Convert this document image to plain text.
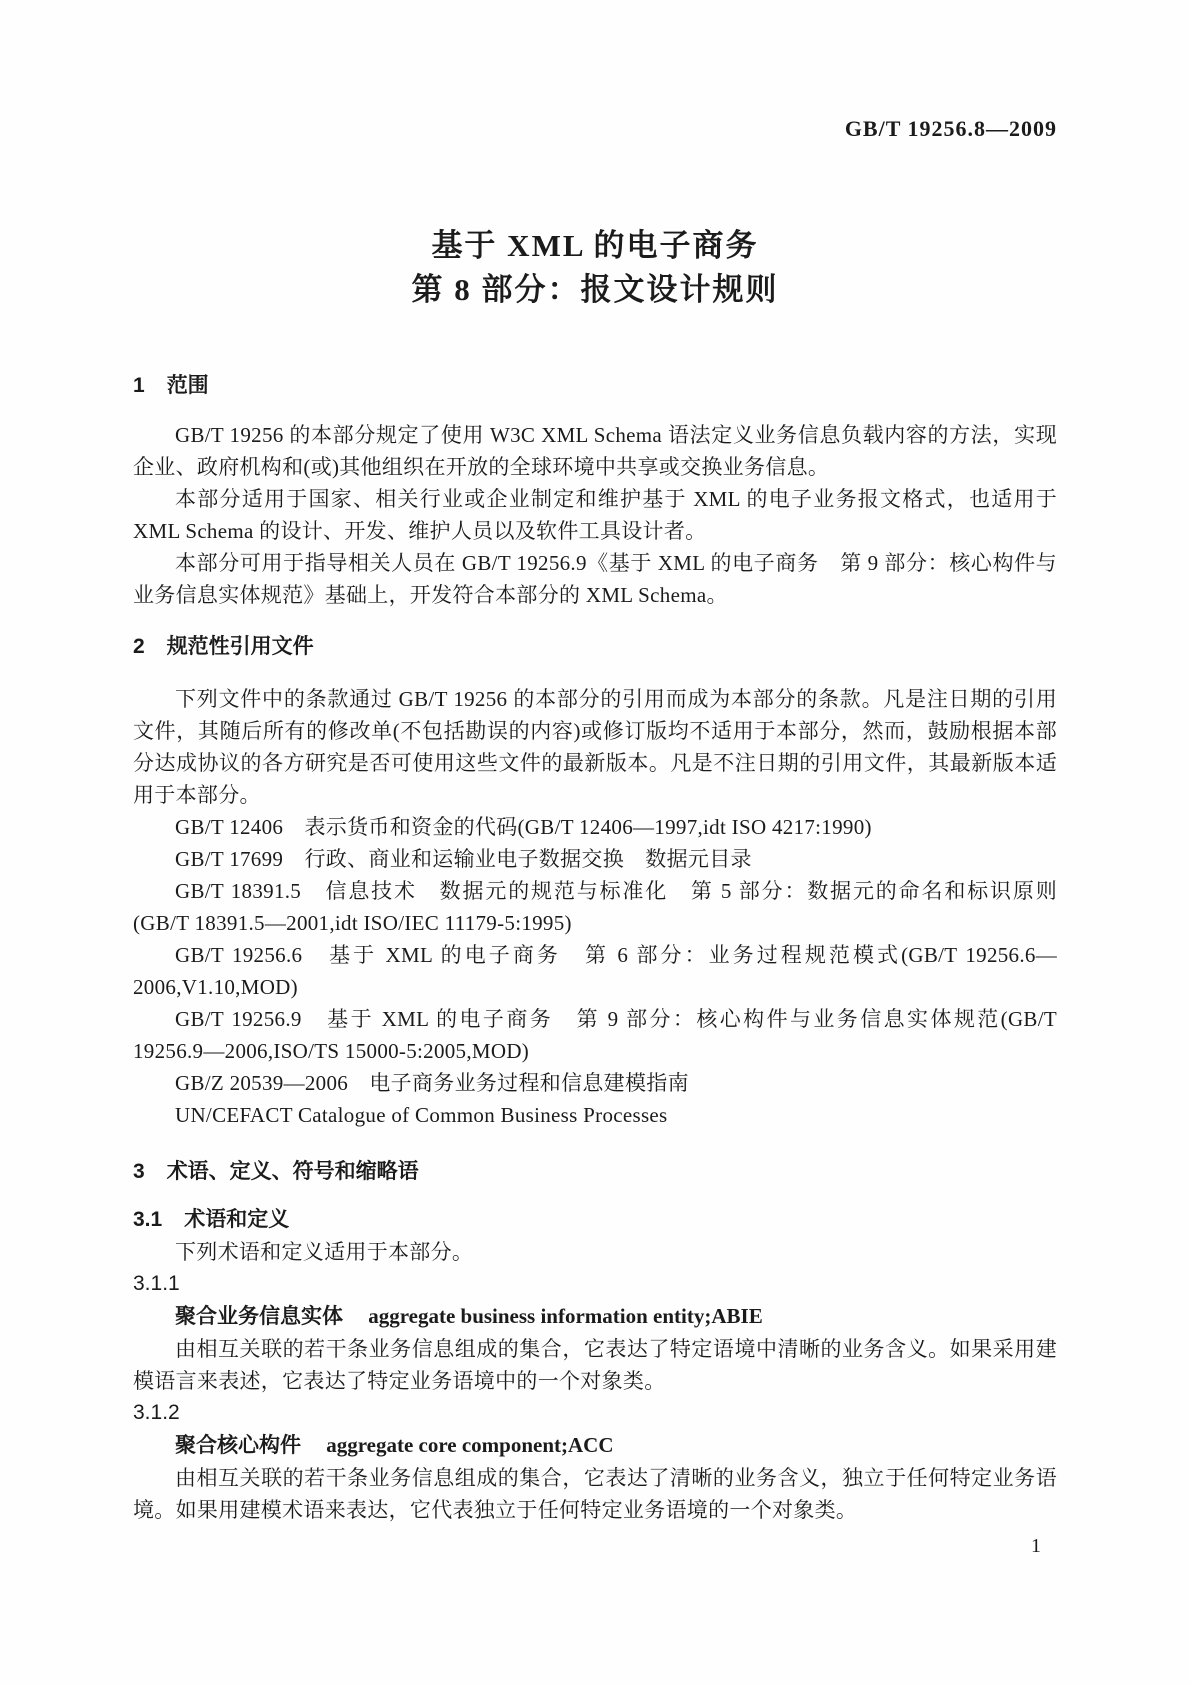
GB/T 19256.8—2009
基于 XML 的电子商务
第 8 部分：报文设计规则
1 范围

GB/T 19256 的本部分规定了使用 W3C XML Schema 语法定义业务信息负载内容的方法，实现企业、政府机构和(或)其他组织在开放的全球环境中共享或交换业务信息。

本部分适用于国家、相关行业或企业制定和维护基于 XML 的电子业务报文格式，也适用于 XML Schema 的设计、开发、维护人员以及软件工具设计者。

本部分可用于指导相关人员在 GB/T 19256.9《基于 XML 的电子商务　第 9 部分：核心构件与业务信息实体规范》基础上，开发符合本部分的 XML Schema。

2 规范性引用文件

下列文件中的条款通过 GB/T 19256 的本部分的引用而成为本部分的条款。凡是注日期的引用文件，其随后所有的修改单(不包括勘误的内容)或修订版均不适用于本部分，然而，鼓励根据本部分达成协议的各方研究是否可使用这些文件的最新版本。凡是不注日期的引用文件，其最新版本适用于本部分。

GB/T 12406　表示货币和资金的代码(GB/T 12406—1997,idt ISO 4217:1990)

GB/T 17699　行政、商业和运输业电子数据交换　数据元目录

GB/T 18391.5　信息技术　数据元的规范与标准化　第 5 部分：数据元的命名和标识原则(GB/T 18391.5—2001,idt ISO/IEC 11179-5:1995)

GB/T 19256.6　基于 XML 的电子商务　第 6 部分：业务过程规范模式(GB/T 19256.6—2006,V1.10,MOD)

GB/T 19256.9　基于 XML 的电子商务　第 9 部分：核心构件与业务信息实体规范(GB/T 19256.9—2006,ISO/TS 15000-5:2005,MOD)

GB/Z 20539—2006　电子商务业务过程和信息建模指南

UN/CEFACT Catalogue of Common Business Processes

3 术语、定义、符号和缩略语
3.1 术语和定义

下列术语和定义适用于本部分。

3.1.1

聚合业务信息实体 aggregate business information entity;ABIE

由相互关联的若干条业务信息组成的集合，它表达了特定语境中清晰的业务含义。如果采用建模语言来表述，它表达了特定业务语境中的一个对象类。

3.1.2

聚合核心构件 aggregate core component;ACC

由相互关联的若干条业务信息组成的集合，它表达了清晰的业务含义，独立于任何特定业务语境。如果用建模术语来表达，它代表独立于任何特定业务语境的一个对象类。

1
